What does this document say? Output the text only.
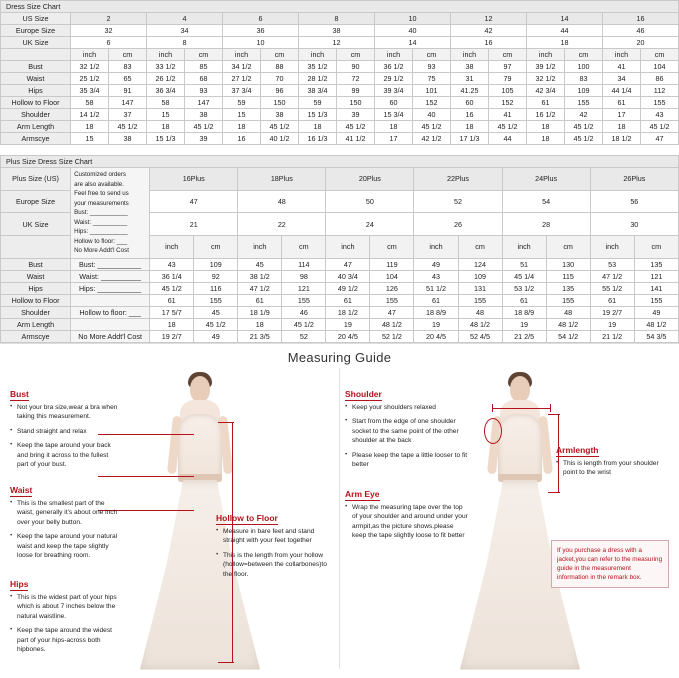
Dress Size Chart																
US Size	2		4		6		8		10		12		14		16	
Europe Size	32		34		36		38		40		42		44		46	
UK Size	6		8		10		12		14		16		18		20	
	inch	cm	inch	cm	inch	cm	inch	cm	inch	cm	inch	cm	inch	cm	inch	cm
Bust	32 1/2	83	33 1/2	85	34 1/2	88	35 1/2	90	36 1/2	93	38	97	39 1/2	100	41	104
Waist	25 1/2	65	26 1/2	68	27 1/2	70	28 1/2	72	29 1/2	75	31	79	32 1/2	83	34	86
Hips	35 3/4	91	36 3/4	93	37 3/4	96	38 3/4	99	39 3/4	101	41.25	105	42 3/4	109	44 1/4	112
Hollow to Floor	58	147	58	147	59	150	59	150	60	152	60	152	61	155	61	155
Shoulder	14 1/2	37	15	38	15	38	15 1/3	39	15 3/4	40	16	41	16 1/2	42	17	43
Arm Length	18	45 1/2	18	45 1/2	18	45 1/2	18	45 1/2	18	45 1/2	18	45 1/2	18	45 1/2	18	45 1/2
Armscye	15	38	15 1/3	39	16	40 1/2	16 1/3	41 1/2	17	42 1/2	17 1/3	44	18	45 1/2	18 1/2	47
Plus Size Dress Size Chart													
Plus Size (US)	Customized orders
are also available.
Feel free to send us
your measurements
Bust: ___________
Waist: __________
Hips: ___________
Hollow to floor: ___
No More Addt'l Cost
	16Plus	18Plus	20Plus	22Plus	24Plus	26Plus
Europe Size		47		48		50		52		54		56	
UK Size		21		22		24		26		28		30	
		inch	cm	inch	cm	inch	cm	inch	cm	inch	cm	inch	cm
Bust	Bust: ___________	43	109	45	114	47	119	49	124	51	130	53	135
Waist	Waist: __________	36 1/4	92	38 1/2	98	40 3/4	104	43	109	45 1/4	115	47 1/2	121
Hips	Hips: ___________	45 1/2	116	47 1/2	121	49 1/2	126	51 1/2	131	53 1/2	135	55 1/2	141
Hollow to Floor		61	155	61	155	61	155	61	155	61	155	61	155
Shoulder	Hollow to floor: ___	17 5/7	45	18 1/9	46	18 1/2	47	18 8/9	48	18 8/9	48	19 2/7	49
Arm Length		18	45 1/2	18	45 1/2	19	48 1/2	19	48 1/2	19	48 1/2	19	48 1/2
Armscye	No More Addt'l Cost	19 2/7	49	21 3/5	52	20 4/5	52 1/2	20 4/5	52 4/5	21 2/5	54 1/2	21 1/2	54 3/5
Measuring Guide
Bust
• Not your bra size,wear a bra when taking this measurement.
• Stand straight and relax
• Keep the tape around your back and bring it across to the fullest part of your bust.
Waist
• This is the smallest part of the waist, generally it's about one inch over your belly button.
• Keep the tape around your natural waist and keep the tape slightly loose for breathing room.
Hips
• This is the widest part of your hips which is about 7 inches below the natural waistline.
• Keep the tape around the widest part of your hips-across both hipbones.
Hollow to Floor
• Measure in bare feet and stand straight with your feet together
• This is the length from your hollow (hollow=between the collarbones)to the floor.
Shoulder
• Keep your shoulders relaxed
• Start from the edge of one shoulder socket to the same point of the other shoulder at the back
• Please keep the tape a little looser to fit better
Arm Eye
• Wrap the measuring tape over the top of your shoulder and around under your armpit,as the picture shows.please keep the tape slightly loose to fit better
Armlength
• This is length from your shoulder point to the wrist
If you purchase a dress with a jacket,you can refer to the measuring guide in the measurement information in the remark box.
